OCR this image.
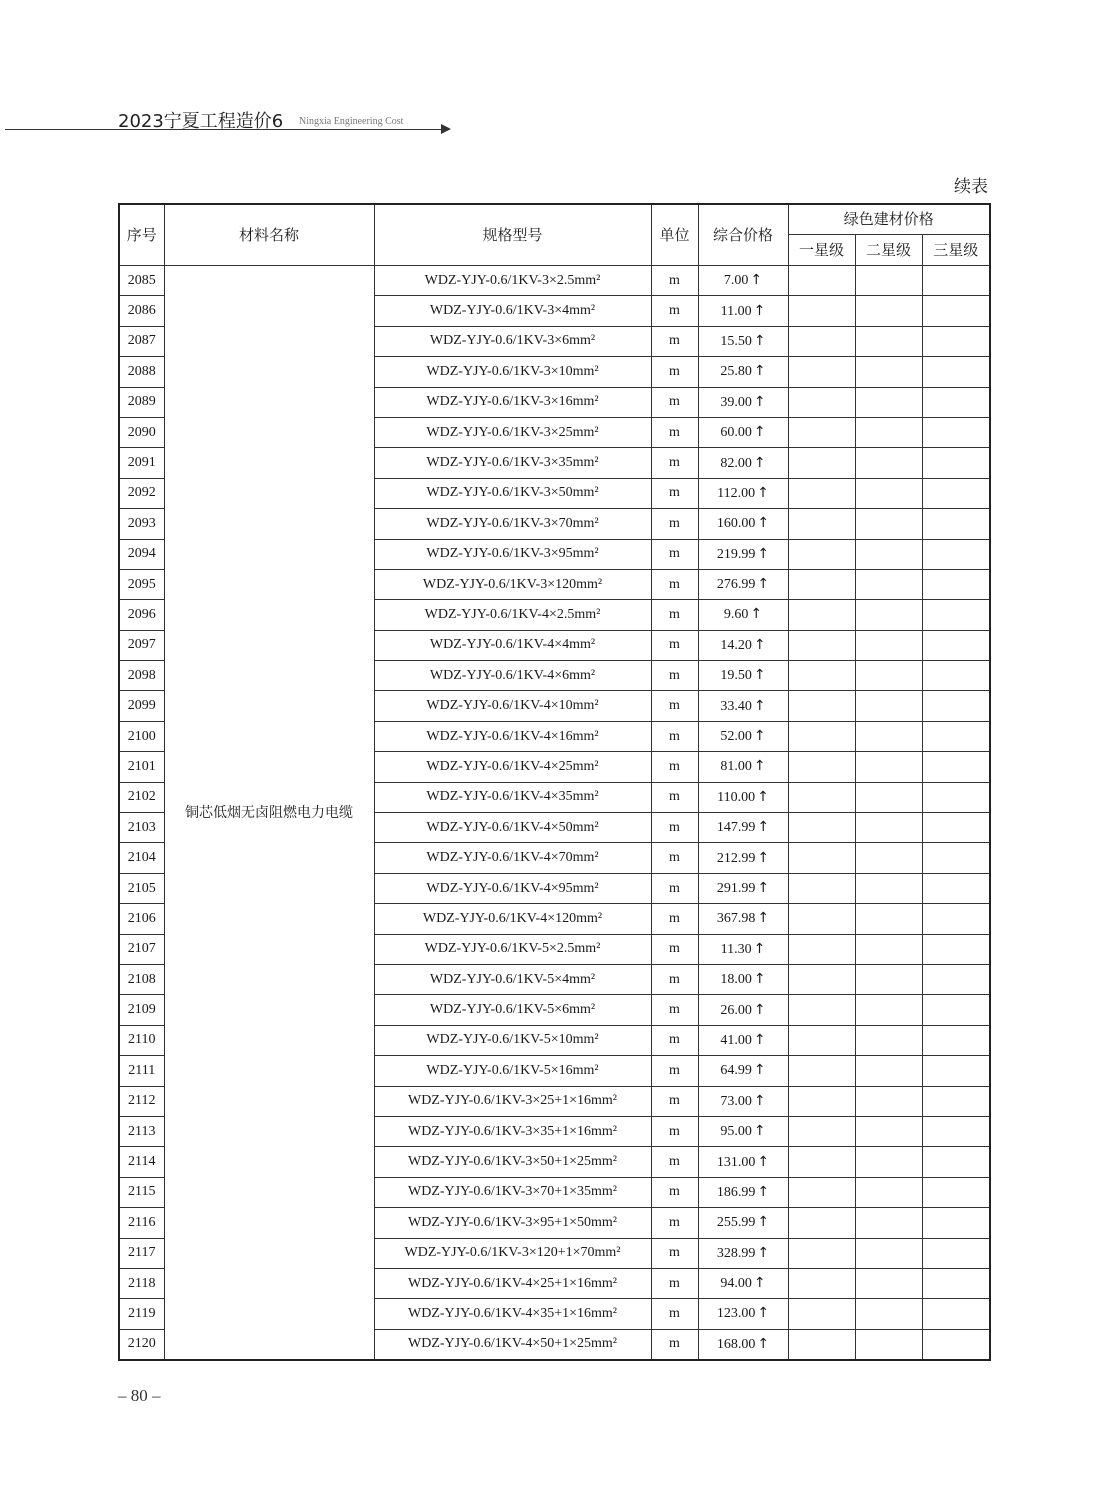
2023宁夏工程造价6 Ningxia Engineering Cost
续表
序号	材料名称	规格型号	单位	综合价格	绿色建材价格		
					一星级	二星级	三星级
2085	铜芯低烟无卤阻燃电力电缆	WDZ-YJY-0.6/1KV-3×2.5mm²	m	7.00 ↑			
2086		WDZ-YJY-0.6/1KV-3×4mm²	m	11.00 ↑			
2087		WDZ-YJY-0.6/1KV-3×6mm²	m	15.50 ↑			
2088		WDZ-YJY-0.6/1KV-3×10mm²	m	25.80 ↑			
2089		WDZ-YJY-0.6/1KV-3×16mm²	m	39.00 ↑			
2090		WDZ-YJY-0.6/1KV-3×25mm²	m	60.00 ↑			
2091		WDZ-YJY-0.6/1KV-3×35mm²	m	82.00 ↑			
2092		WDZ-YJY-0.6/1KV-3×50mm²	m	112.00 ↑			
2093		WDZ-YJY-0.6/1KV-3×70mm²	m	160.00 ↑			
2094		WDZ-YJY-0.6/1KV-3×95mm²	m	219.99 ↑			
2095		WDZ-YJY-0.6/1KV-3×120mm²	m	276.99 ↑			
2096		WDZ-YJY-0.6/1KV-4×2.5mm²	m	9.60 ↑			
2097		WDZ-YJY-0.6/1KV-4×4mm²	m	14.20 ↑			
2098		WDZ-YJY-0.6/1KV-4×6mm²	m	19.50 ↑			
2099		WDZ-YJY-0.6/1KV-4×10mm²	m	33.40 ↑			
2100		WDZ-YJY-0.6/1KV-4×16mm²	m	52.00 ↑			
2101		WDZ-YJY-0.6/1KV-4×25mm²	m	81.00 ↑			
2102		WDZ-YJY-0.6/1KV-4×35mm²	m	110.00 ↑			
2103		WDZ-YJY-0.6/1KV-4×50mm²	m	147.99 ↑			
2104		WDZ-YJY-0.6/1KV-4×70mm²	m	212.99 ↑			
2105		WDZ-YJY-0.6/1KV-4×95mm²	m	291.99 ↑			
2106		WDZ-YJY-0.6/1KV-4×120mm²	m	367.98 ↑			
2107		WDZ-YJY-0.6/1KV-5×2.5mm²	m	11.30 ↑			
2108		WDZ-YJY-0.6/1KV-5×4mm²	m	18.00 ↑			
2109		WDZ-YJY-0.6/1KV-5×6mm²	m	26.00 ↑			
2110		WDZ-YJY-0.6/1KV-5×10mm²	m	41.00 ↑			
2111		WDZ-YJY-0.6/1KV-5×16mm²	m	64.99 ↑			
2112		WDZ-YJY-0.6/1KV-3×25+1×16mm²	m	73.00 ↑			
2113		WDZ-YJY-0.6/1KV-3×35+1×16mm²	m	95.00 ↑			
2114		WDZ-YJY-0.6/1KV-3×50+1×25mm²	m	131.00 ↑			
2115		WDZ-YJY-0.6/1KV-3×70+1×35mm²	m	186.99 ↑			
2116		WDZ-YJY-0.6/1KV-3×95+1×50mm²	m	255.99 ↑			
2117		WDZ-YJY-0.6/1KV-3×120+1×70mm²	m	328.99 ↑			
2118		WDZ-YJY-0.6/1KV-4×25+1×16mm²	m	94.00 ↑			
2119		WDZ-YJY-0.6/1KV-4×35+1×16mm²	m	123.00 ↑			
2120		WDZ-YJY-0.6/1KV-4×50+1×25mm²	m	168.00 ↑			
– 80 –
